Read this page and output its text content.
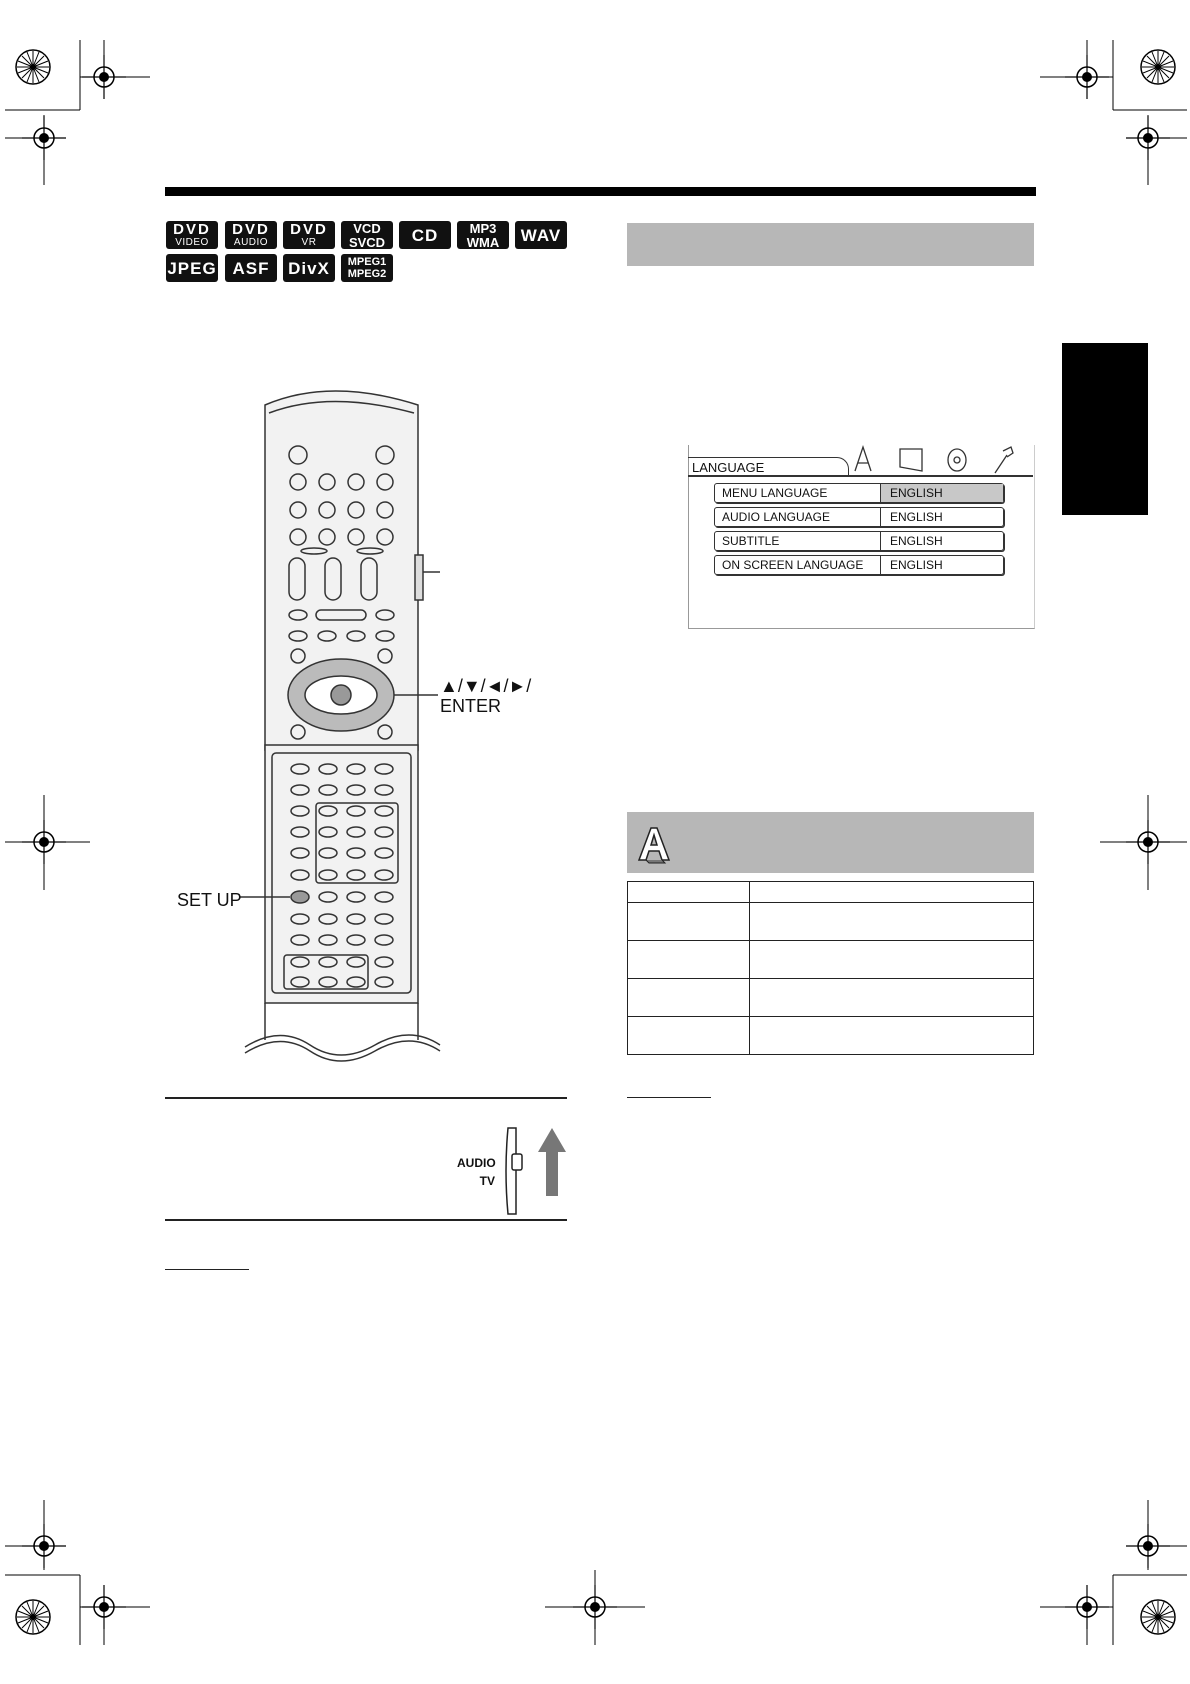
DVD
VIDEO
DVD
AUDIO
DVD
VR
VCD
SVCD CD MP3
WMA WAV
JPEG ASF DivX MPEG1
MPEG2
▲/▼/◄/►/
ENTER
SET UP
AUDIO
TV
LANGUAGE
MENU LANGUAGE	ENGLISH
AUDIO LANGUAGE	ENGLISH
SUBTITLE	ENGLISH
ON SCREEN LANGUAGE	ENGLISH
